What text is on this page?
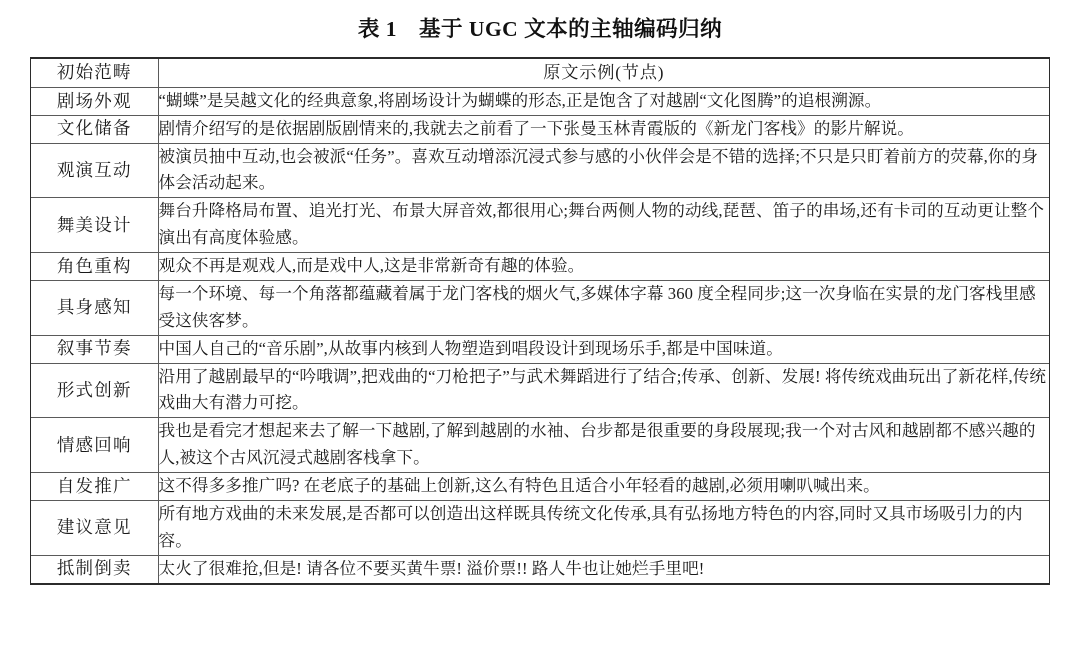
表 1　基于 UGC 文本的主轴编码归纳
初始范畴	原文示例(节点)
剧场外观	“蝴蝶”是吴越文化的经典意象,将剧场设计为蝴蝶的形态,正是饱含了对越剧“文化图腾”的追根溯源。
文化储备	剧情介绍写的是依据剧版剧情来的,我就去之前看了一下张曼玉林青霞版的《新龙门客栈》的影片解说。
观演互动	被演员抽中互动,也会被派“任务”。喜欢互动增添沉浸式参与感的小伙伴会是不错的选择;不只是只盯着前方的荧幕,你的身体会活动起来。
舞美设计	舞台升降格局布置、追光打光、布景大屏音效,都很用心;舞台两侧人物的动线,琵琶、笛子的串场,还有卡司的互动更让整个演出有高度体验感。
角色重构	观众不再是观戏人,而是戏中人,这是非常新奇有趣的体验。
具身感知	每一个环境、每一个角落都蕴藏着属于龙门客栈的烟火气,多媒体字幕 360 度全程同步;这一次身临在实景的龙门客栈里感受这侠客梦。
叙事节奏	中国人自己的“音乐剧”,从故事内核到人物塑造到唱段设计到现场乐手,都是中国味道。
形式创新	沿用了越剧最早的“吟哦调”,把戏曲的“刀枪把子”与武术舞蹈进行了结合;传承、创新、发展! 将传统戏曲玩出了新花样,传统戏曲大有潜力可挖。
情感回响	我也是看完才想起来去了解一下越剧,了解到越剧的水袖、台步都是很重要的身段展现;我一个对古风和越剧都不感兴趣的人,被这个古风沉浸式越剧客栈拿下。
自发推广	这不得多多推广吗? 在老底子的基础上创新,这么有特色且适合小年轻看的越剧,必须用喇叭喊出来。
建议意见	所有地方戏曲的未来发展,是否都可以创造出这样既具传统文化传承,具有弘扬地方特色的内容,同时又具市场吸引力的内容。
抵制倒卖	太火了很难抢,但是! 请各位不要买黄牛票! 溢价票!! 路人牛也让她烂手里吧!
